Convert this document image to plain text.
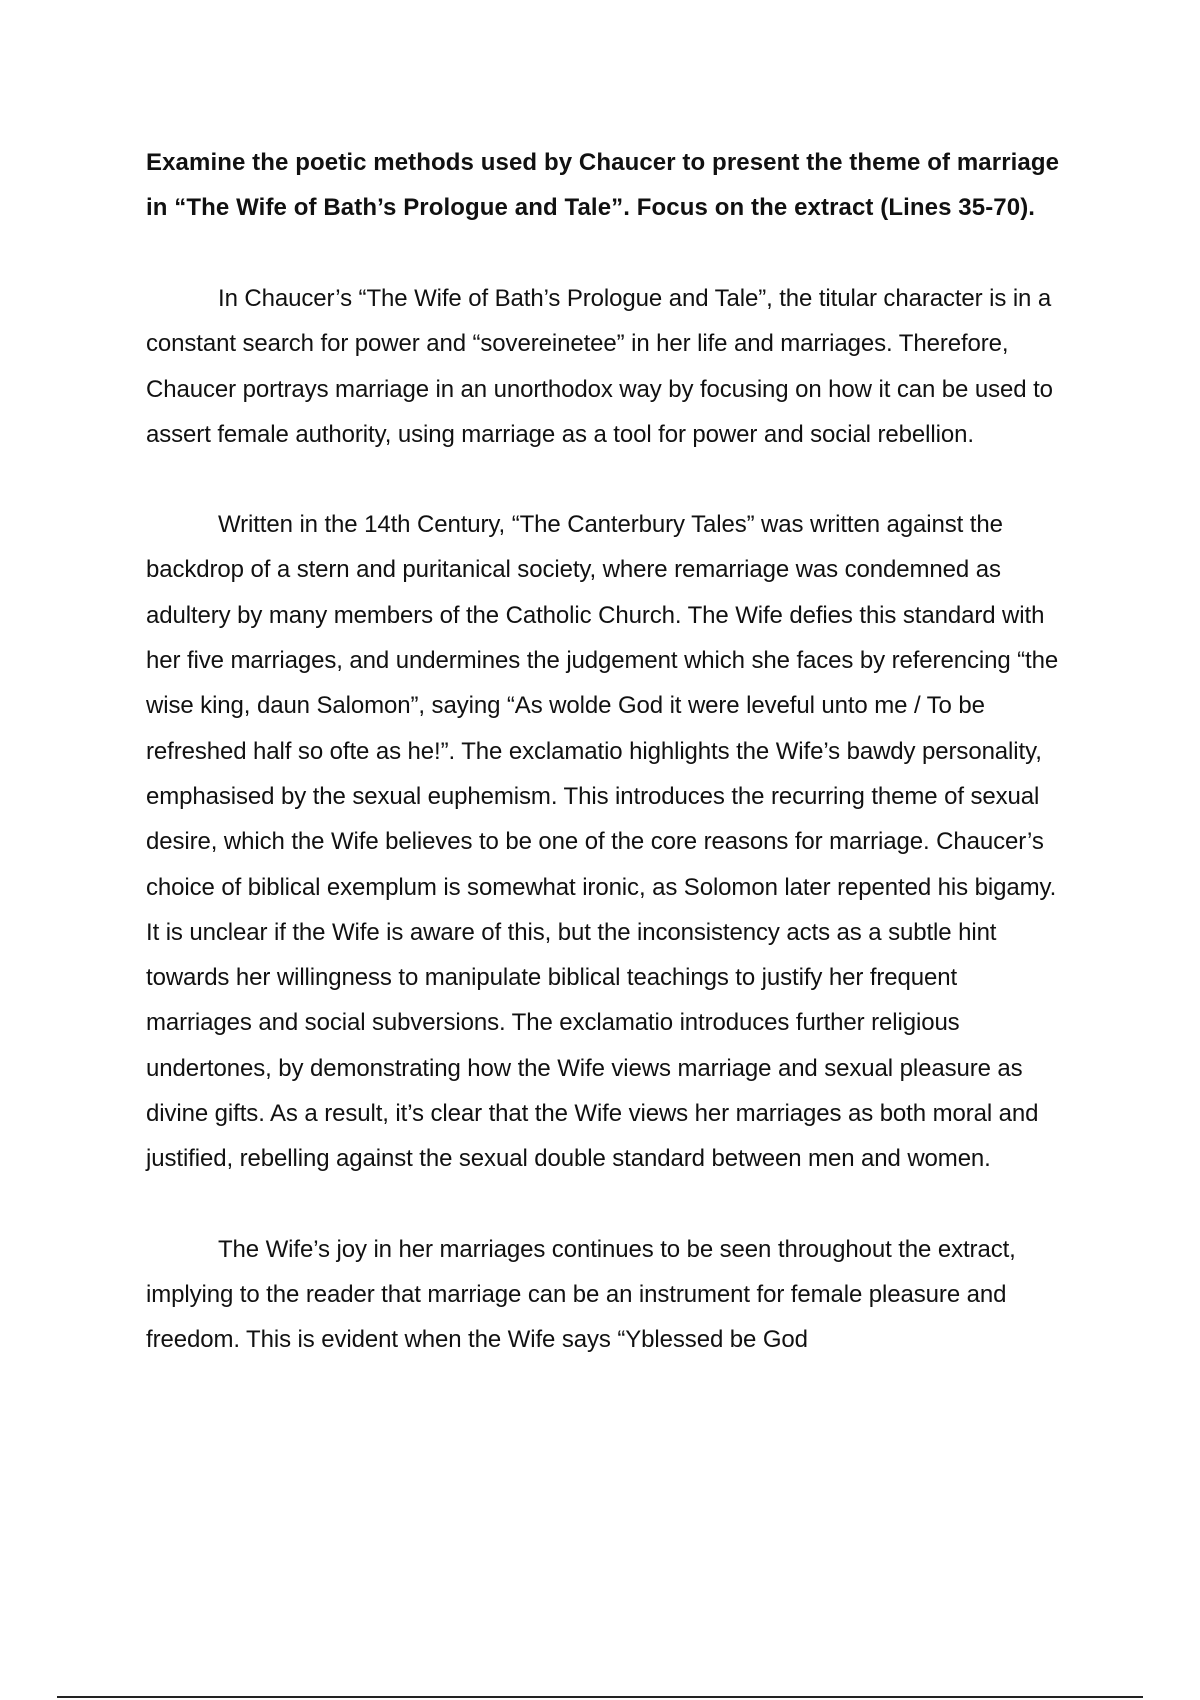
Examine the poetic methods used by Chaucer to present the theme of marriage in “The Wife of Bath’s Prologue and Tale”. Focus on the extract (Lines 35-70).

In Chaucer’s “The Wife of Bath’s Prologue and Tale”, the titular character is in a constant search for power and “sovereinetee” in her life and marriages. Therefore, Chaucer portrays marriage in an unorthodox way by focusing on how it can be used to assert female authority, using marriage as a tool for power and social rebellion.

Written in the 14th Century, “The Canterbury Tales” was written against the backdrop of a stern and puritanical society, where remarriage was condemned as adultery by many members of the Catholic Church. The Wife defies this standard with her five marriages, and undermines the judgement which she faces by referencing “the wise king, daun Salomon”, saying “As wolde God it were leveful unto me / To be refreshed half so ofte as he!”. The exclamatio highlights the Wife’s bawdy personality, emphasised by the sexual euphemism. This introduces the recurring theme of sexual desire, which the Wife believes to be one of the core reasons for marriage. Chaucer’s choice of biblical exemplum is somewhat ironic, as Solomon later repented his bigamy. It is unclear if the Wife is aware of this, but the inconsistency acts as a subtle hint towards her willingness to manipulate biblical teachings to justify her frequent marriages and social subversions. The exclamatio introduces further religious undertones, by demonstrating how the Wife views marriage and sexual pleasure as divine gifts. As a result, it’s clear that the Wife views her marriages as both moral and justified, rebelling against the sexual double standard between men and women.

The Wife’s joy in her marriages continues to be seen throughout the extract, implying to the reader that marriage can be an instrument for female pleasure and freedom. This is evident when the Wife says “Yblessed be God
